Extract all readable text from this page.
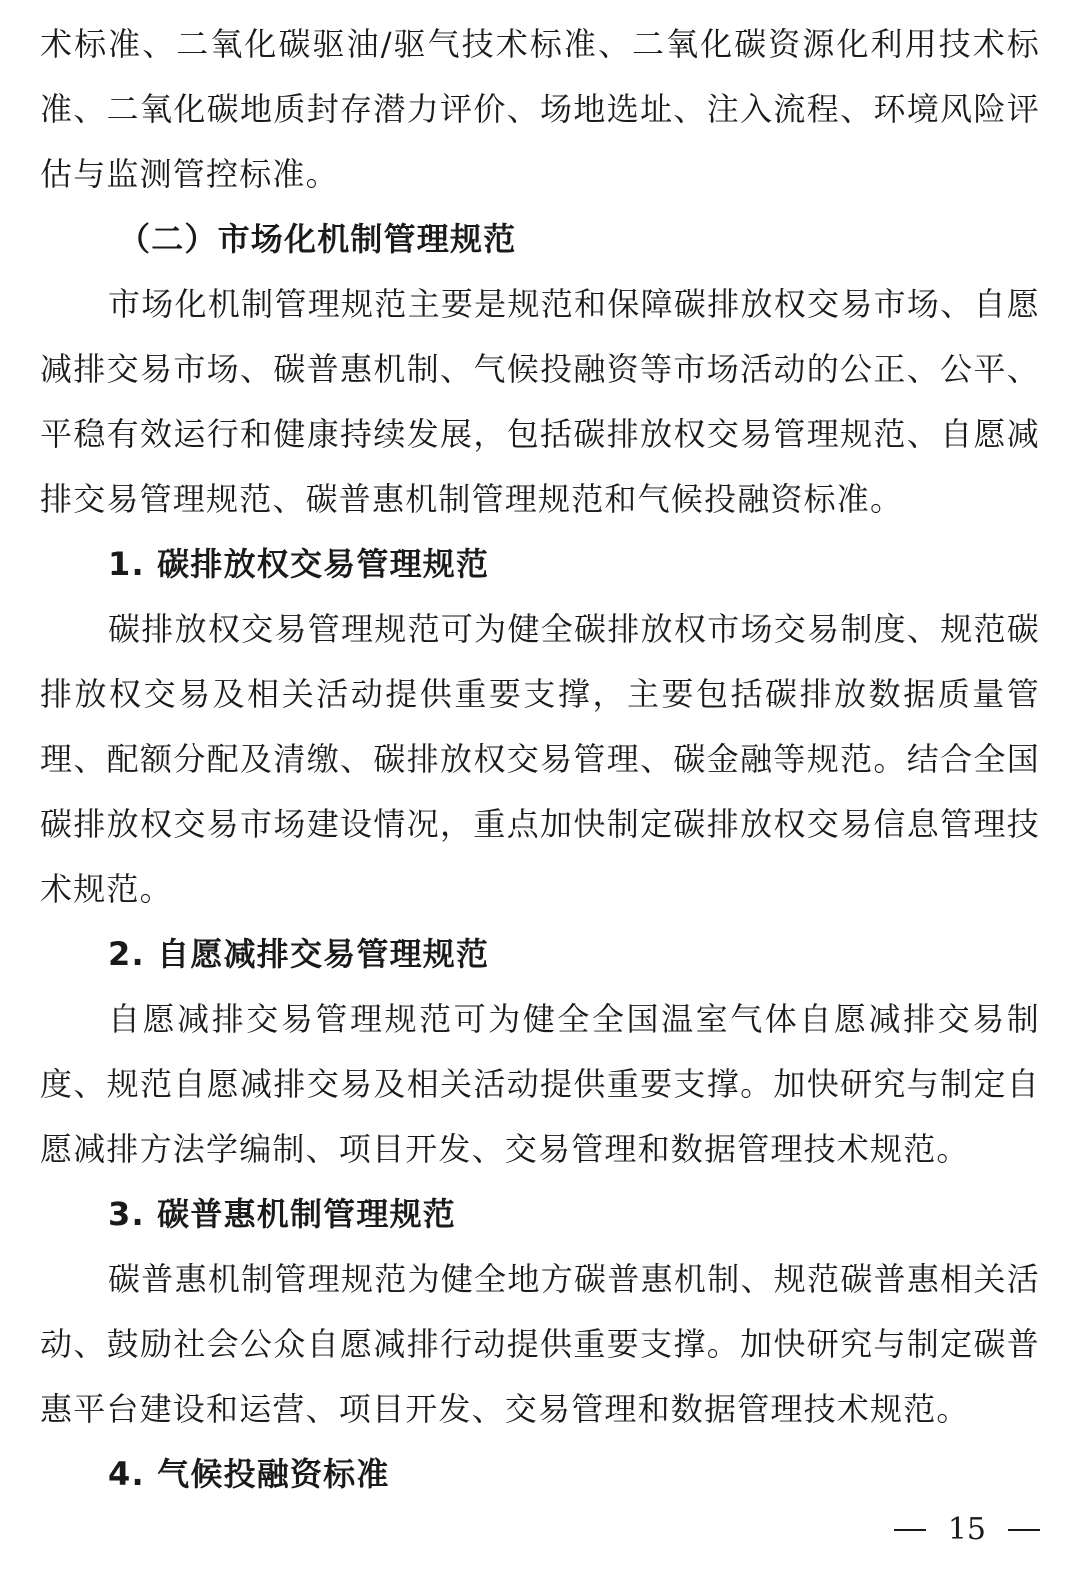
术标准、二氧化碳驱油/驱气技术标准、二氧化碳资源化利用技术标准、二氧化碳地质封存潜力评价、场地选址、注入流程、环境风险评估与监测管控标准。

（二）市场化机制管理规范

市场化机制管理规范主要是规范和保障碳排放权交易市场、自愿减排交易市场、碳普惠机制、气候投融资等市场活动的公正、公平、平稳有效运行和健康持续发展，包括碳排放权交易管理规范、自愿减排交易管理规范、碳普惠机制管理规范和气候投融资标准。

1. 碳排放权交易管理规范

碳排放权交易管理规范可为健全碳排放权市场交易制度、规范碳排放权交易及相关活动提供重要支撑，主要包括碳排放数据质量管理、配额分配及清缴、碳排放权交易管理、碳金融等规范。结合全国碳排放权交易市场建设情况，重点加快制定碳排放权交易信息管理技术规范。

2. 自愿减排交易管理规范

自愿减排交易管理规范可为健全全国温室气体自愿减排交易制度、规范自愿减排交易及相关活动提供重要支撑。加快研究与制定自愿减排方法学编制、项目开发、交易管理和数据管理技术规范。

3. 碳普惠机制管理规范

碳普惠机制管理规范为健全地方碳普惠机制、规范碳普惠相关活动、鼓励社会公众自愿减排行动提供重要支撑。加快研究与制定碳普惠平台建设和运营、项目开发、交易管理和数据管理技术规范。

4. 气候投融资标准
15
